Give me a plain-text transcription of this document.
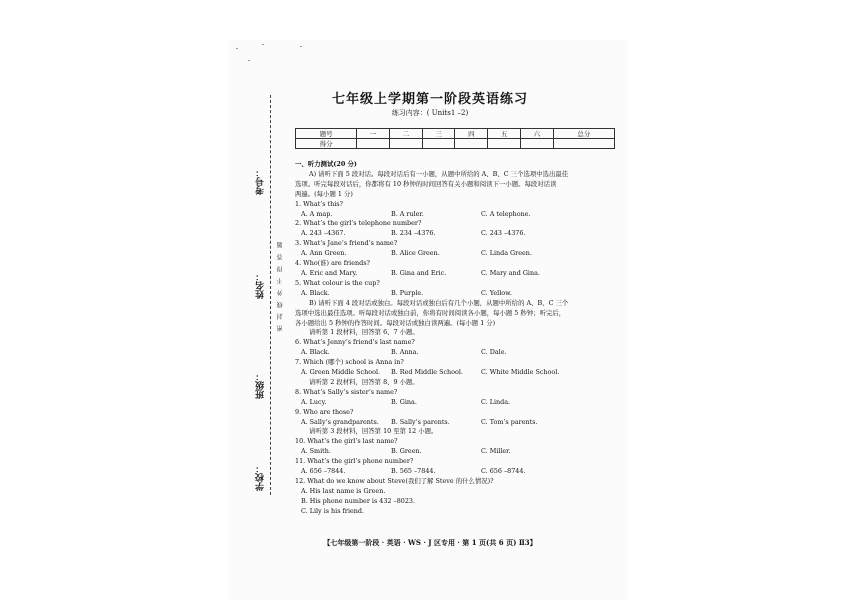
考号：
姓名：
班级：
学校：
密 封 线 外 不 得 答 题
七年级上学期第一阶段英语练习
练习内容：( Units1 –2)
题号	一	二	三	四	五	六	总分
得分							
一、听力测试(20 分)
A) 请听下面 5 段对话。每段对话后有一小题，从题中所给的 A、B、C 三个选项中选出最佳
选项。听完每段对话后，你都将有 10 秒钟的时间回答有关小题和阅读下一小题。每段对话读
两遍。(每小题 1 分)
1. What’s this?
A. A map.	B. A ruler.	C. A telephone.
2. What’s the girl’s telephone number?
A. 243 –4367.	B. 234 –4376.	C. 243 –4376.
3. What’s Jane’s friend’s name?
A. Ann Green.	B. Alice Green.	C. Linda Green.
4. Who(谁) are friends?
A. Eric and Mary.	B. Gina and Eric.	C. Mary and Gina.
5. What colour is the cup?
A. Black.	B. Purple.	C. Yellow.
B) 请听下面 4 段对话或独白。每段对话或独白后有几个小题，从题中所给的 A、B、C 三个
选项中选出最佳选项。听每段对话或独白前，你将有时间阅读各小题，每小题 5 秒钟；听完后，
各小题给出 5 秒钟的作答时间。每段对话或独白读两遍。(每小题 1 分)
请听第 1 段材料，回答第 6、7 小题。
6. What’s Jenny’s friend’s last name?
A. Black.	B. Anna.	C. Dale.
7. Which (哪个) school is Anna in?
A. Green Middle School.	B. Red Middle School.	C. White Middle School.
请听第 2 段材料，回答第 8、9 小题。
8. What’s Sally’s sister’s name?
A. Lucy.	B. Gina.	C. Linda.
9. Who are those?
A. Sally’s grandparents.	B. Sally’s parents.	C. Tom’s parents.
请听第 3 段材料，回答第 10 至第 12 小题。
10. What’s the girl’s last name?
A. Smith.	B. Green.	C. Miller.
11. What’s the girl’s phone number?
A. 656 –7844.	B. 565 –7844.	C. 656 –8744.
12. What do we know about Steve(我们了解 Steve 的什么情况)?
A. His last name is Green.
B. His phone number is 432 –8023.
C. Lily is his friend.
【七年级第一阶段 · 英语 · WS · J 区专用 · 第 1 页(共 6 页) Ⅱ3】
